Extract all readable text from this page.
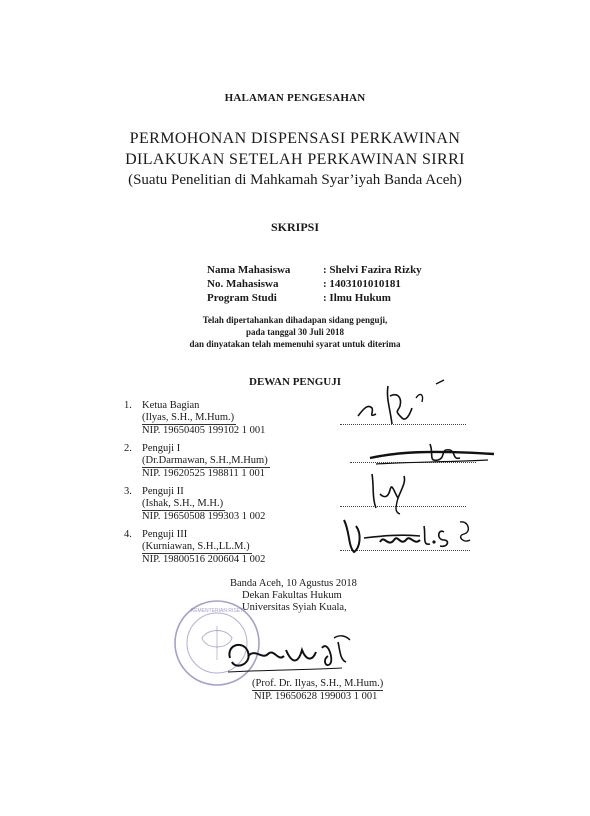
HALAMAN PENGESAHAN
PERMOHONAN DISPENSASI PERKAWINAN
DILAKUKAN SETELAH PERKAWINAN SIRRI
(Suatu Penelitian di Mahkamah Syar’iyah Banda Aceh)
SKRIPSI
Nama Mahasiswa	: Shelvi Fazira Rizky
No. Mahasiswa	: 1403101010181
Program Studi	: Ilmu Hukum
Telah dipertahankan dihadapan sidang penguji,
pada tanggal 30 Juli 2018
dan dinyatakan telah memenuhi syarat untuk diterima
DEWAN PENGUJI
1. Ketua Bagian
(Ilyas, S.H., M.Hum.)
NIP. 19650405 199102 1 001
2. Penguji I
(Dr.Darmawan, S.H.,M.Hum)
NIP. 19620525 198811 1 001
3. Penguji II
(Ishak, S.H., M.H.)
NIP. 19650508 199303 1 002
4. Penguji III
(Kurniawan, S.H.,LL.M.)
NIP. 19800516 200604 1 002
KEMENTERIAN RISET
Banda Aceh, 10 Agustus 2018
Dekan Fakultas Hukum
Universitas Syiah Kuala,
(Prof. Dr. Ilyas, S.H., M.Hum.)
NIP. 19650628 199003 1 001
